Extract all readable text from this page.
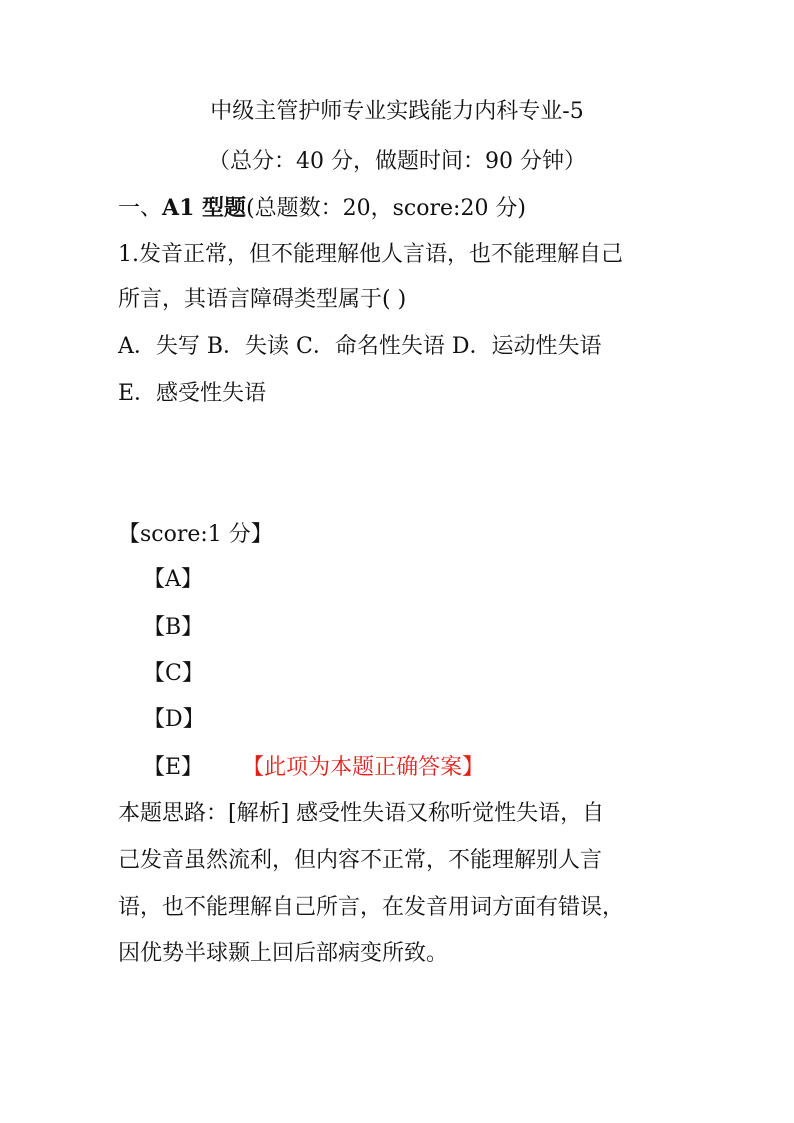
中级主管护师专业实践能力内科专业-5
（总分：40 分，做题时间：90 分钟）
一、A1 型题(总题数：20，score:20 分)
1.发音正常，但不能理解他人言语，也不能理解自己
所言，其语言障碍类型属于( )
A．失写 B．失读 C．命名性失语 D．运动性失语
E．感受性失语
【score:1 分】
【A】
【B】
【C】
【D】
【E】 【此项为本题正确答案】
本题思路：[解析] 感受性失语又称听觉性失语，自
己发音虽然流利，但内容不正常，不能理解别人言
语，也不能理解自己所言，在发音用词方面有错误，
因优势半球颞上回后部病变所致。
